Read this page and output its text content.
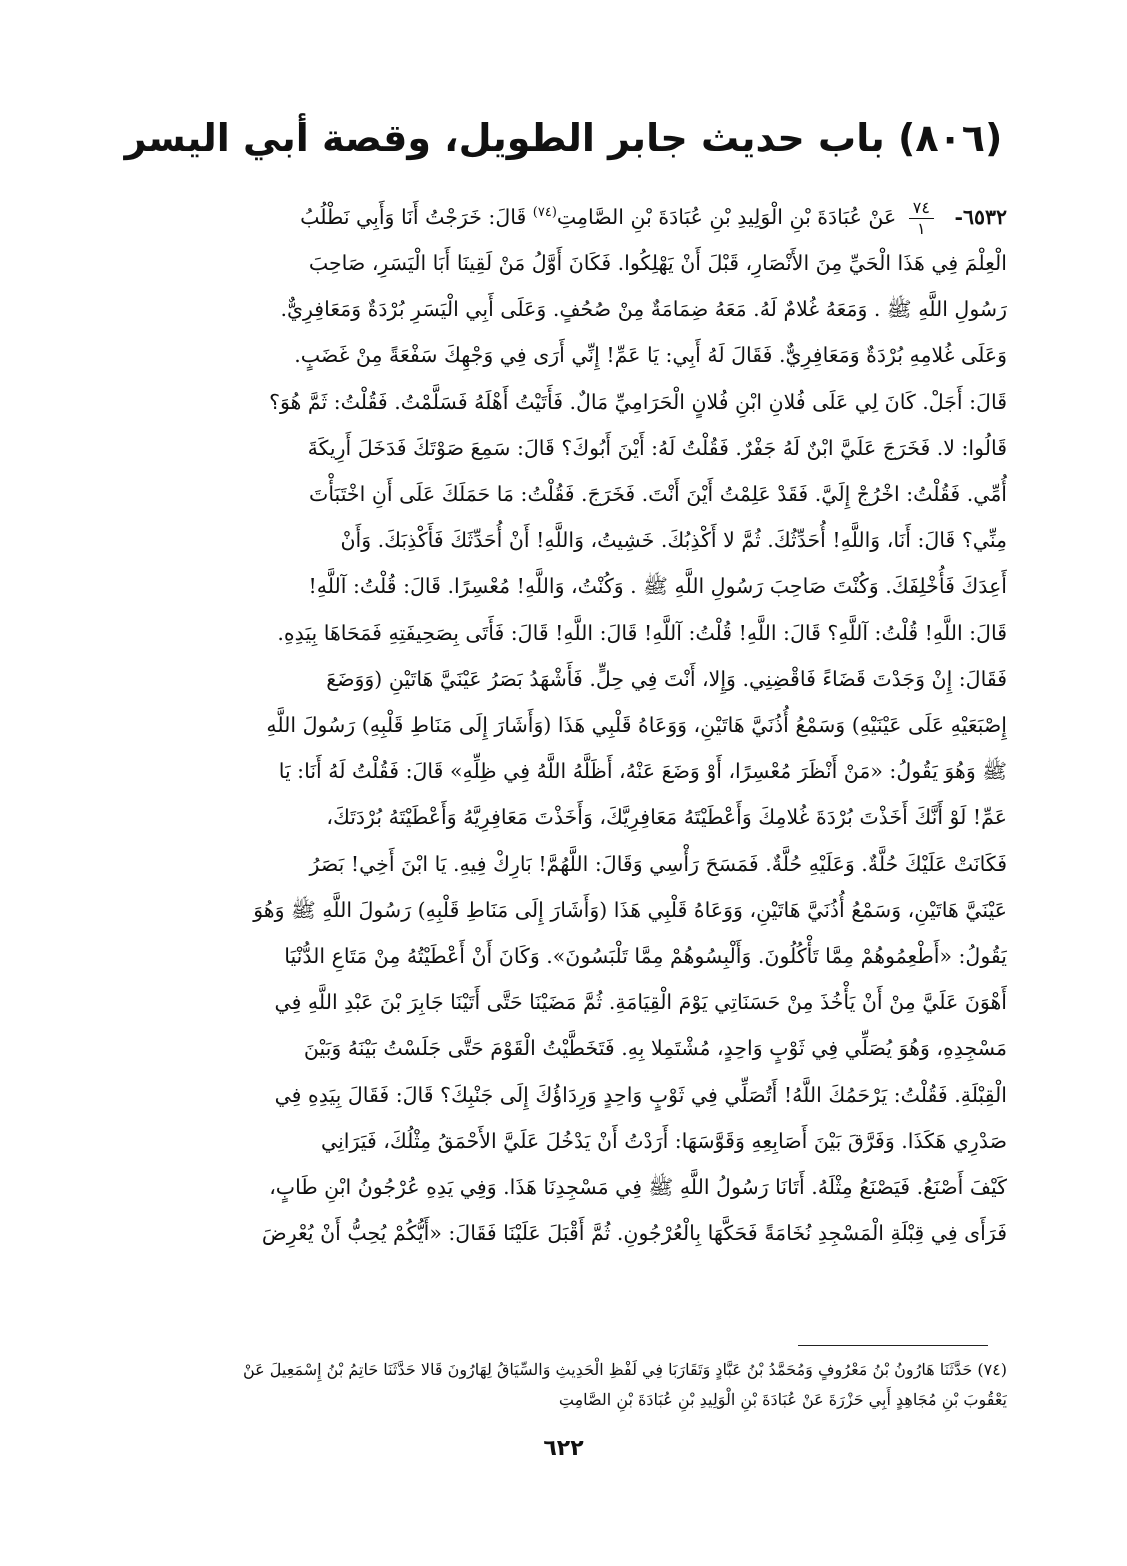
(٨٠٦) باب حديث جابر الطويل، وقصة أبي اليسر
٦٥٣٢-
$\frac{٧٤}{١}$
عَنْ عُبَادَةَ بْنِ الْوَلِيدِ بْنِ عُبَادَةَ بْنِ الصَّامِتِ$^{(٧٤)}$ قَالَ: خَرَجْتُ أَنَا وَأَبِي نَطْلُبُ
الْعِلْمَ فِي هَذَا الْحَيِّ مِنَ الأَنْصَارِ، قَبْلَ أَنْ يَهْلِكُوا. فَكَانَ أَوَّلُ مَنْ لَقِينَا أَبَا الْيَسَرِ، صَاحِبَ
رَسُولِ اللَّهِ ﷺ . وَمَعَهُ غُلامٌ لَهُ. مَعَهُ ضِمَامَةٌ مِنْ صُحُفٍ. وَعَلَى أَبِي الْيَسَرِ بُرْدَةٌ وَمَعَافِرِيٌّ.
وَعَلَى غُلامِهِ بُرْدَةٌ وَمَعَافِرِيٌّ. فَقَالَ لَهُ أَبِي: يَا عَمِّ! إِنِّي أَرَى فِي وَجْهِكَ سَفْعَةً مِنْ غَضَبٍ.
قَالَ: أَجَلْ. كَانَ لِي عَلَى فُلانِ ابْنِ فُلانٍ الْحَرَامِيِّ مَالٌ. فَأَتَيْتُ أَهْلَهُ فَسَلَّمْتُ. فَقُلْتُ: ثَمَّ هُوَ؟
قَالُوا: لا. فَخَرَجَ عَلَيَّ ابْنٌ لَهُ جَفْرٌ. فَقُلْتُ لَهُ: أَيْنَ أَبُوكَ؟ قَالَ: سَمِعَ صَوْتَكَ فَدَخَلَ أَرِيكَةَ
أُمِّي. فَقُلْتُ: اخْرُجْ إِلَيَّ. فَقَدْ عَلِمْتُ أَيْنَ أَنْتَ. فَخَرَجَ. فَقُلْتُ: مَا حَمَلَكَ عَلَى أَنِ اخْتَبَأْتَ
مِنِّي؟ قَالَ: أَنَا، وَاللَّهِ! أُحَدِّثُكَ. ثُمَّ لا أَكْذِبُكَ. خَشِيتُ، وَاللَّهِ! أَنْ أُحَدِّثَكَ فَأَكْذِبَكَ. وَأَنْ
أَعِدَكَ فَأُخْلِفَكَ. وَكُنْتَ صَاحِبَ رَسُولِ اللَّهِ ﷺ . وَكُنْتُ، وَاللَّهِ! مُعْسِرًا. قَالَ: قُلْتُ: آللَّهِ!
قَالَ: اللَّهِ! قُلْتُ: آللَّهِ؟ قَالَ: اللَّهِ! قُلْتُ: آللَّهِ! قَالَ: اللَّهِ! قَالَ: فَأَتَى بِصَحِيفَتِهِ فَمَحَاهَا بِيَدِهِ.
فَقَالَ: إِنْ وَجَدْتَ قَضَاءً فَاقْضِنِي. وَإِلا، أَنْتَ فِي حِلٍّ. فَأَشْهَدُ بَصَرُ عَيْنَيَّ هَاتَيْنِ (وَوَضَعَ
إِصْبَعَيْهِ عَلَى عَيْنَيْهِ) وَسَمْعُ أُذُنَيَّ هَاتَيْنِ، وَوَعَاهُ قَلْبِي هَذَا (وَأَشَارَ إِلَى مَنَاطِ قَلْبِهِ) رَسُولَ اللَّهِ
ﷺ وَهُوَ يَقُولُ: «مَنْ أَنْظَرَ مُعْسِرًا، أَوْ وَضَعَ عَنْهُ، أَظَلَّهُ اللَّهُ فِي ظِلِّهِ» قَالَ: فَقُلْتُ لَهُ أَنَا: يَا
عَمِّ! لَوْ أَنَّكَ أَخَذْتَ بُرْدَةَ غُلامِكَ وَأَعْطَيْتَهُ مَعَافِرِيَّكَ، وَأَخَذْتَ مَعَافِرِيَّهُ وَأَعْطَيْتَهُ بُرْدَتَكَ،
فَكَانَتْ عَلَيْكَ حُلَّةٌ. وَعَلَيْهِ حُلَّةٌ. فَمَسَحَ رَأْسِي وَقَالَ: اللَّهُمَّ! بَارِكْ فِيهِ. يَا ابْنَ أَخِي! بَصَرُ
عَيْنَيَّ هَاتَيْنِ، وَسَمْعُ أُذُنَيَّ هَاتَيْنِ، وَوَعَاهُ قَلْبِي هَذَا (وَأَشَارَ إِلَى مَنَاطِ قَلْبِهِ) رَسُولَ اللَّهِ ﷺ وَهُوَ
يَقُولُ: «أَطْعِمُوهُمْ مِمَّا تَأْكُلُونَ. وَأَلْبِسُوهُمْ مِمَّا تَلْبَسُونَ». وَكَانَ أَنْ أَعْطَيْتُهُ مِنْ مَتَاعِ الدُّنْيَا
أَهْوَنَ عَلَيَّ مِنْ أَنْ يَأْخُذَ مِنْ حَسَنَاتِي يَوْمَ الْقِيَامَةِ. ثُمَّ مَضَيْنَا حَتَّى أَتَيْنَا جَابِرَ بْنَ عَبْدِ اللَّهِ فِي
مَسْجِدِهِ، وَهُوَ يُصَلِّي فِي ثَوْبٍ وَاحِدٍ، مُشْتَمِلا بِهِ. فَتَخَطَّيْتُ الْقَوْمَ حَتَّى جَلَسْتُ بَيْنَهُ وَبَيْنَ
الْقِبْلَةِ. فَقُلْتُ: يَرْحَمُكَ اللَّهُ! أَتُصَلِّي فِي ثَوْبٍ وَاحِدٍ وَرِدَاؤُكَ إِلَى جَنْبِكَ؟ قَالَ: فَقَالَ بِيَدِهِ فِي
صَدْرِي هَكَذَا. وَفَرَّقَ بَيْنَ أَصَابِعِهِ وَقَوَّسَهَا: أَرَدْتُ أَنْ يَدْخُلَ عَلَيَّ الأَحْمَقُ مِثْلُكَ، فَيَرَانِي
كَيْفَ أَصْنَعُ. فَيَصْنَعُ مِثْلَهُ. أَتَانَا رَسُولُ اللَّهِ ﷺ فِي مَسْجِدِنَا هَذَا. وَفِي يَدِهِ عُرْجُونُ ابْنِ طَابٍ،
فَرَأَى فِي قِبْلَةِ الْمَسْجِدِ نُخَامَةً فَحَكَّهَا بِالْعُرْجُونِ. ثُمَّ أَقْبَلَ عَلَيْنَا فَقَالَ: «أَيُّكُمْ يُحِبُّ أَنْ يُعْرِضَ
(٧٤) حَدَّثَنَا هَارُونُ بْنُ مَعْرُوفٍ وَمُحَمَّدُ بْنُ عَبَّادٍ وَتَقَارَبَا فِي لَفْظِ الْحَدِيثِ وَالسِّيَاقُ لِهَارُونَ قَالا حَدَّثَنَا حَاتِمُ بْنُ إِسْمَعِيلَ عَنْ
يَعْقُوبَ بْنِ مُجَاهِدٍ أَبِي حَزْرَةَ عَنْ عُبَادَةَ بْنِ الْوَلِيدِ بْنِ عُبَادَةَ بْنِ الصَّامِتِ
٦٢٢
